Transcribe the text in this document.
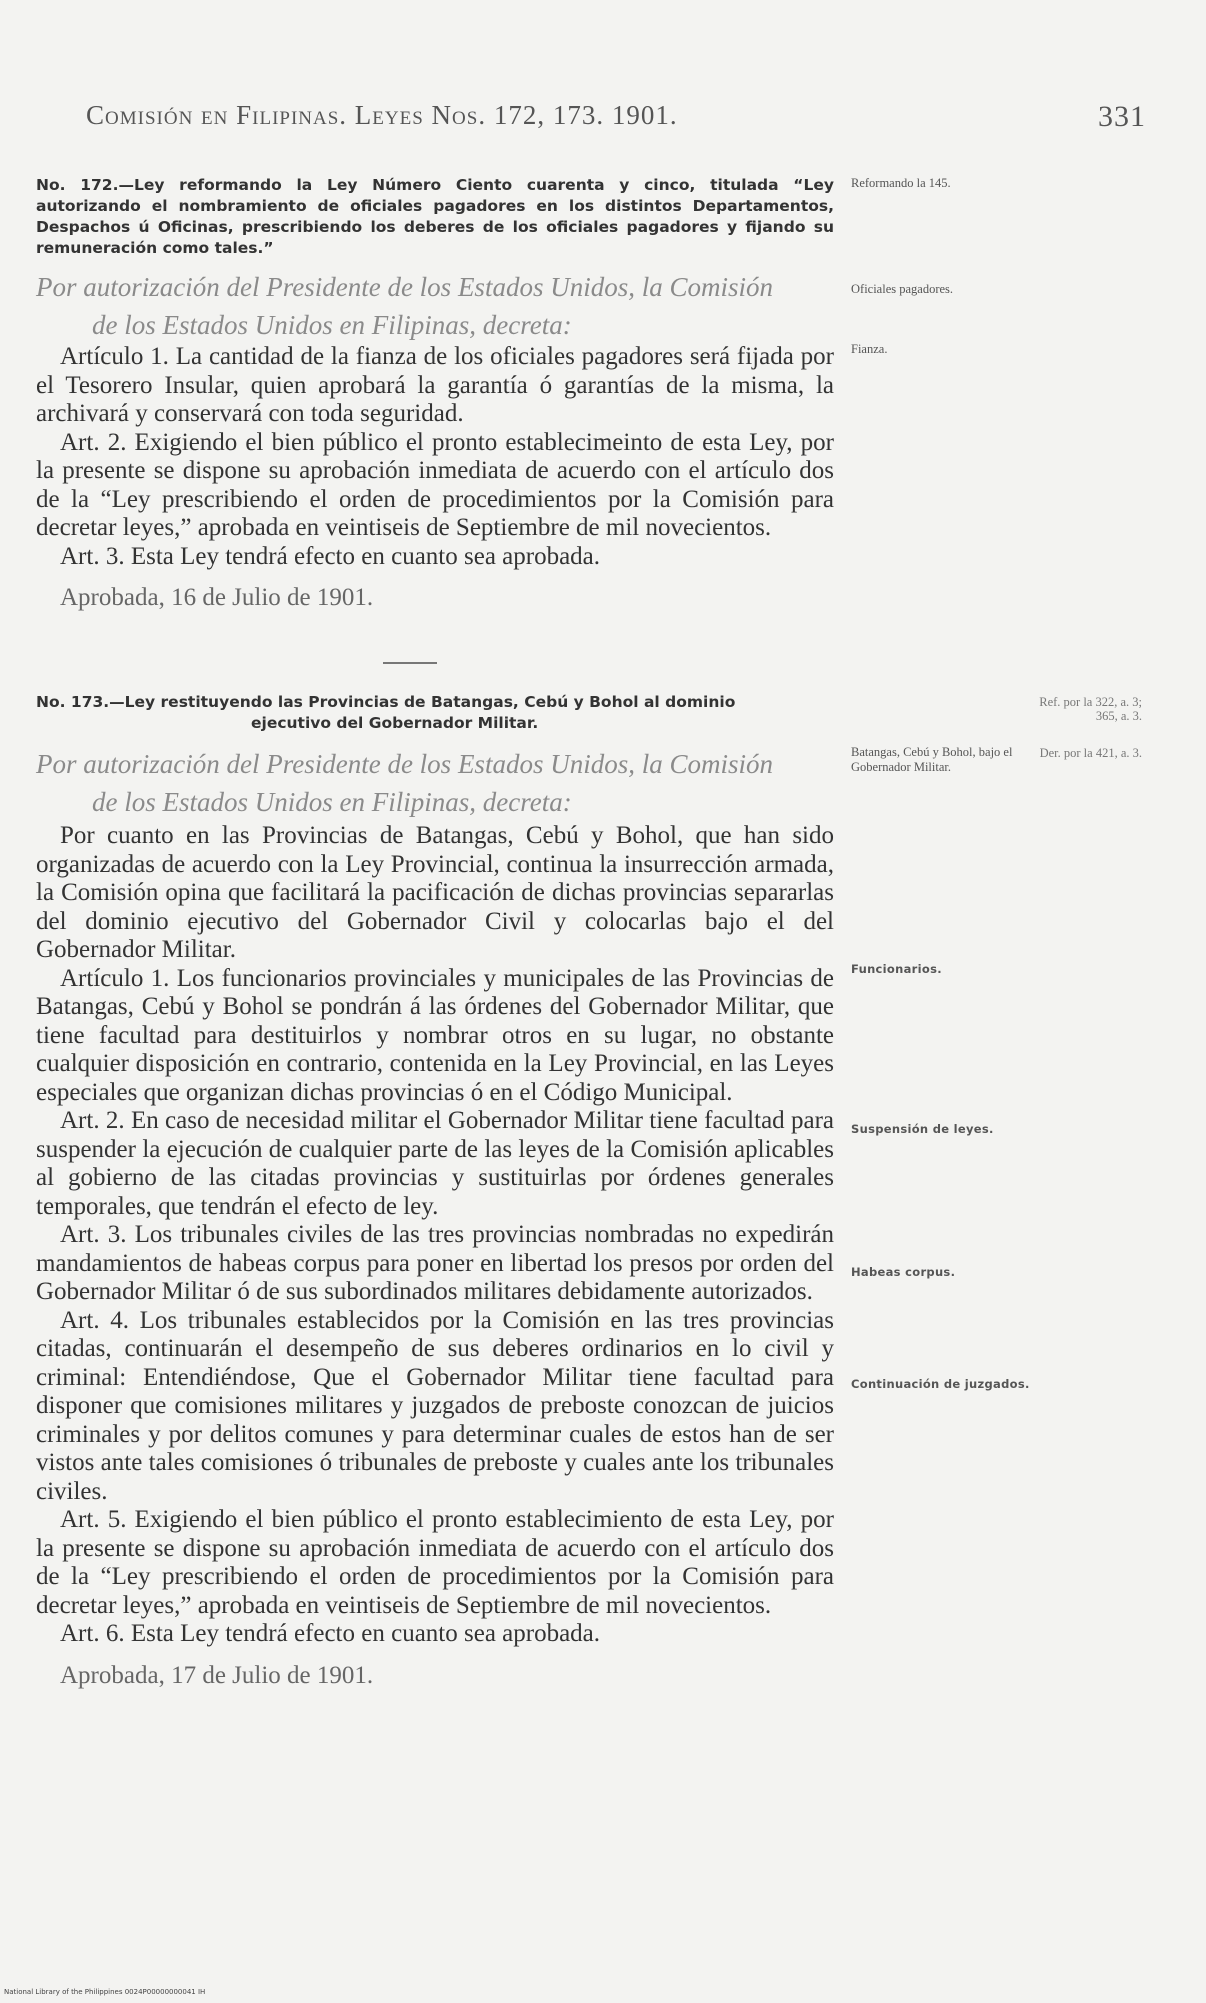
Comisión en Filipinas. Leyes Nos. 172, 173. 1901.	331

No. 172.—Ley reformando la Ley Número Ciento cuarenta y cinco, titulada “Ley autorizando el nombramiento de oficiales pagadores en los distintos Departamentos, Despachos ú Oficinas, prescribiendo los deberes de los oficiales pagadores y fijando su remuneración como tales.”

Reformando la 145.

Por autorización del Presidente de los Estados Unidos, la Comisión
de los Estados Unidos en Filipinas, decreta:

Oficiales pagadores.

Artículo 1. La cantidad de la fianza de los oficiales pagadores será fijada por el Tesorero Insular, quien aprobará la garantía ó garantías de la misma, la archivará y conservará con toda seguridad.

Art. 2. Exigiendo el bien público el pronto establecimeinto de esta Ley, por la presente se dispone su aprobación inmediata de acuerdo con el artículo dos de la “Ley prescribiendo el orden de procedimientos por la Comisión para decretar leyes,” aprobada en veintiseis de Septiembre de mil novecientos.

Art. 3. Esta Ley tendrá efecto en cuanto sea aprobada.

Aprobada, 16 de Julio de 1901.

Fianza.

No. 173.—Ley restituyendo las Provincias de Batangas, Cebú y Bohol al dominio

ejecutivo del Gobernador Militar.

Ref. por la 322, a. 3; 365, a. 3.

Por autorización del Presidente de los Estados Unidos, la Comisión
de los Estados Unidos en Filipinas, decreta:

Batangas, Cebú y Bohol, bajo el Gobernador Militar.
Der. por la 421, a. 3.

Por cuanto en las Provincias de Batangas, Cebú y Bohol, que han sido organizadas de acuerdo con la Ley Provincial, continua la insurrección armada, la Comisión opina que facilitará la pacificación de dichas provincias separarlas del dominio ejecutivo del Gobernador Civil y colocarlas bajo el del Gobernador Militar.

Artículo 1. Los funcionarios provinciales y municipales de las Provincias de Batangas, Cebú y Bohol se pondrán á las órdenes del Gobernador Militar, que tiene facultad para destituirlos y nombrar otros en su lugar, no obstante cualquier disposición en contrario, contenida en la Ley Provincial, en las Leyes especiales que organizan dichas provincias ó en el Código Municipal.

Art. 2. En caso de necesidad militar el Gobernador Militar tiene facultad para suspender la ejecución de cualquier parte de las leyes de la Comisión aplicables al gobierno de las citadas provincias y sustituirlas por órdenes generales temporales, que tendrán el efecto de ley.

Art. 3. Los tribunales civiles de las tres provincias nombradas no expedirán mandamientos de habeas corpus para poner en libertad los presos por orden del Gobernador Militar ó de sus subordinados militares debidamente autorizados.

Art. 4. Los tribunales establecidos por la Comisión en las tres provincias citadas, continuarán el desempeño de sus deberes ordinarios en lo civil y criminal: Entendiéndose, Que el Gobernador Militar tiene facultad para disponer que comisiones militares y juzgados de preboste conozcan de juicios criminales y por delitos comunes y para determinar cuales de estos han de ser vistos ante tales comisiones ó tribunales de preboste y cuales ante los tribunales civiles.

Art. 5. Exigiendo el bien público el pronto establecimiento de esta Ley, por la presente se dispone su aprobación inmediata de acuerdo con el artículo dos de la “Ley prescribiendo el orden de procedimientos por la Comisión para decretar leyes,” aprobada en veintiseis de Septiembre de mil novecientos.

Art. 6. Esta Ley tendrá efecto en cuanto sea aprobada.

Aprobada, 17 de Julio de 1901.

Funcionarios.
Suspensión de leyes.
Habeas corpus.
Continuación de juzgados.
National Library of the Philippines 0024P00000000041 IH
